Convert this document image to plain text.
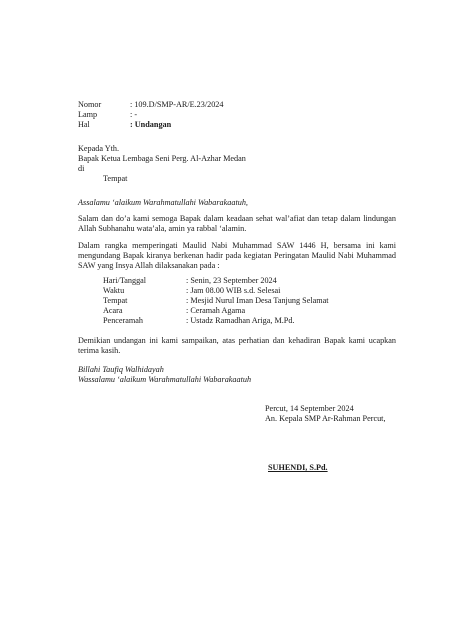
Nomor	: 109.D/SMP-AR/E.23/2024
Lamp	: -
Hal	: Undangan
Kepada Yth.
Bapak Ketua Lembaga Seni Perg. Al-Azhar Medan
di
Tempat
Assalamu ‘alaikum Warahmatullahi Wabarakaatuh,

Salam dan do’a kami semoga Bapak dalam keadaan sehat wal’afiat dan tetap dalam lindungan Allah Subhanahu wata’ala, amin ya rabbal ‘alamin.

Dalam rangka memperingati Maulid Nabi Muhammad SAW 1446 H, bersama ini kami mengundang Bapak kiranya berkenan hadir pada kegiatan Peringatan Maulid Nabi Muhammad SAW yang Insya Allah dilaksanakan pada :

Hari/Tanggal	: Senin, 23 September 2024
Waktu	: Jam 08.00 WIB s.d. Selesai
Tempat	: Mesjid Nurul Iman Desa Tanjung Selamat
Acara	: Ceramah Agama
Penceramah	: Ustadz Ramadhan Ariga, M.Pd.

Demikian undangan ini kami sampaikan, atas perhatian dan kehadiran Bapak kami ucapkan terima kasih.

Billahi Taufiq Walhidayah
Wassalamu ‘alaikum Warahmatullahi Wabarakaatuh
Percut, 14 September 2024
An. Kepala SMP Ar-Rahman Percut,
SUHENDI, S.Pd.
